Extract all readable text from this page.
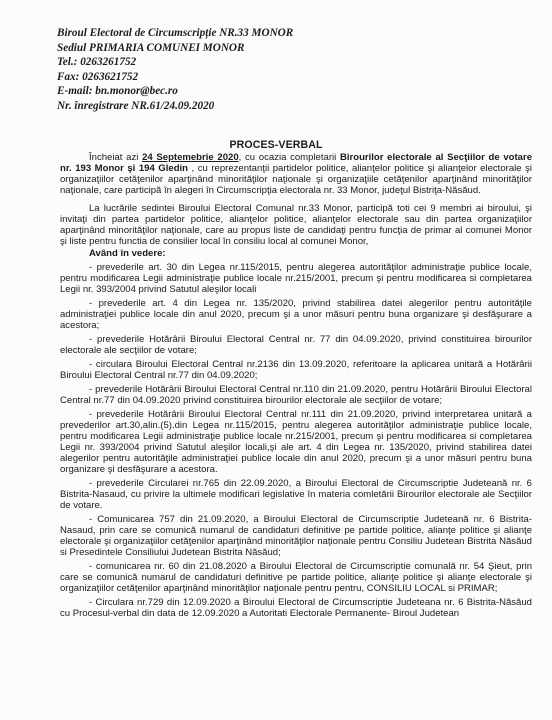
Biroul Electoral de Circumscripție NR.33 MONOR
Sediul PRIMARIA COMUNEI MONOR
Tel.: 0263261752
Fax: 0263621752
E-mail: bn.monor@bec.ro
Nr. înregistrare NR.61/24.09.2020
PROCES-VERBAL

Încheiat azi 24 Septemebrie 2020, cu ocazia completarii Birourilor electorale al Secţiilor de votare nr. 193 Monor şi 194 Gledin , cu reprezentanţii partidelor politice, alianţelor politice şi alianţelor electorale şi organizaţiilor cetăţenilor aparţinând minorităţilor naţionale şi organizaţiile cetăţenilor aparţinând minorităţilor naţionale, care participă în alegeri în Circumscripţia electorala nr. 33 Monor, judeţul Bistriţa-Năsăud.

La lucrările sedintei Biroului Electoral Comunal nr.33 Monor, participă toti cei 9 membri ai biroului, şi invitaţi din partea partidelor politice, alianţelor politice, alianţelor electorale sau din partea organizaţiilor aparţinând minorităţilor naţionale, care au propus liste de candidaţi pentru funcţia de primar al comunei Monor şi liste pentru functia de consilier local în consiliu local al comunei Monor,

Având în vedere:

- prevederile art. 30 din Legea nr.115/2015, pentru alegerea autorităţilor administraţie publice locale, pentru modificarea Legii administraţie publice locale nr.215/2001, precum şi pentru modificarea si completarea Legii nr. 393/2004 privind Satutul aleşilor locali

- prevederile art. 4 din Legea nr. 135/2020, privind stabilirea datei alegerilor pentru autorităţile administraţiei publice locale din anul 2020, precum şi a unor măsuri pentru buna organizare şi desfăşurare a acestora;

- prevederile Hotărârii Biroului Electoral Central nr. 77 din 04.09.2020, privind constituirea birourilor electorale ale secţiilor de votare;

- circulara Biroului Electoral Central nr.2136 din 13.09.2020, referitoare la aplicarea unitară a Hotărârii Biroului Electoral Central nr.77 din 04.09.2020;

- prevederile Hotărârii Biroului Electoral Central nr.110 din 21.09.2020, pentru Hotărârii Biroului Electoral Central nr.77 din 04.09.2020 privind constituirea birourilor electorale ale secţiilor de votare;

- prevederile Hotărârii Biroului Electoral Central nr.111 din 21.09.2020, privind interpretarea unitară a prevederilor art.30,alin.(5).din Legea nr.115/2015, pentru alegerea autorităţilor administraţie publice locale, pentru modificarea Legii administraţie publice locale nr.215/2001, precum şi pentru modificarea si completarea Legii nr. 393/2004 privind Satutul aleşilor locali,şi ale art. 4 din Legea nr. 135/2020, privind stabilirea datei alegerilor pentru autorităţile administraţiei publice locale din anul 2020, precum şi a unor măsuri pentru buna organizare şi desfăşurare a acestora.

- prevederile Circularei nr.765 din 22.09.2020, a Biroului Electoral de Circumscriptie Judeteană nr. 6 Bistrita-Nasaud, cu privire la ultimele modificari legislative în materia comletării Birourilor electorale ale Secţiilor de votare.

- Comunicarea 757 din 21.09.2020, a Biroului Electoral de Circumscriptie Judeteană nr. 6 Bistrita-Nasaud, prin care se comunică numarul de candidaturi definitive pe partide politice, alianţe politice şi alianţe electorale şi organizaţiilor cetăţenilor aparţinând minorităţilor naţionale pentru Consiliu Judetean Bistrita Năsăud si Presedintele Consiliului Judetean Bistrita Năsăud;

- comunicarea nr. 60 din 21.08.2020 a Biroului Electoral de Circumscriptie comunală nr. 54 Şieut, prin care se comunică numarul de candidaturi definitive pe partide politice, alianţe politice şi alianţe electorale şi organizaţiilor cetăţenilor aparţinând minorităţilor naţionale pentru pentru, CONSILIU LOCAL si PRIMAR;

- Circulara nr.729 din 12.09.2020 a Biroului Electoral de Circumscriptie Judeteana nr. 6 Bistrita-Năsăud cu Procesul-verbal din data de 12.09.2020 a Autoritati Electorale Permanente- Biroul Judetean
